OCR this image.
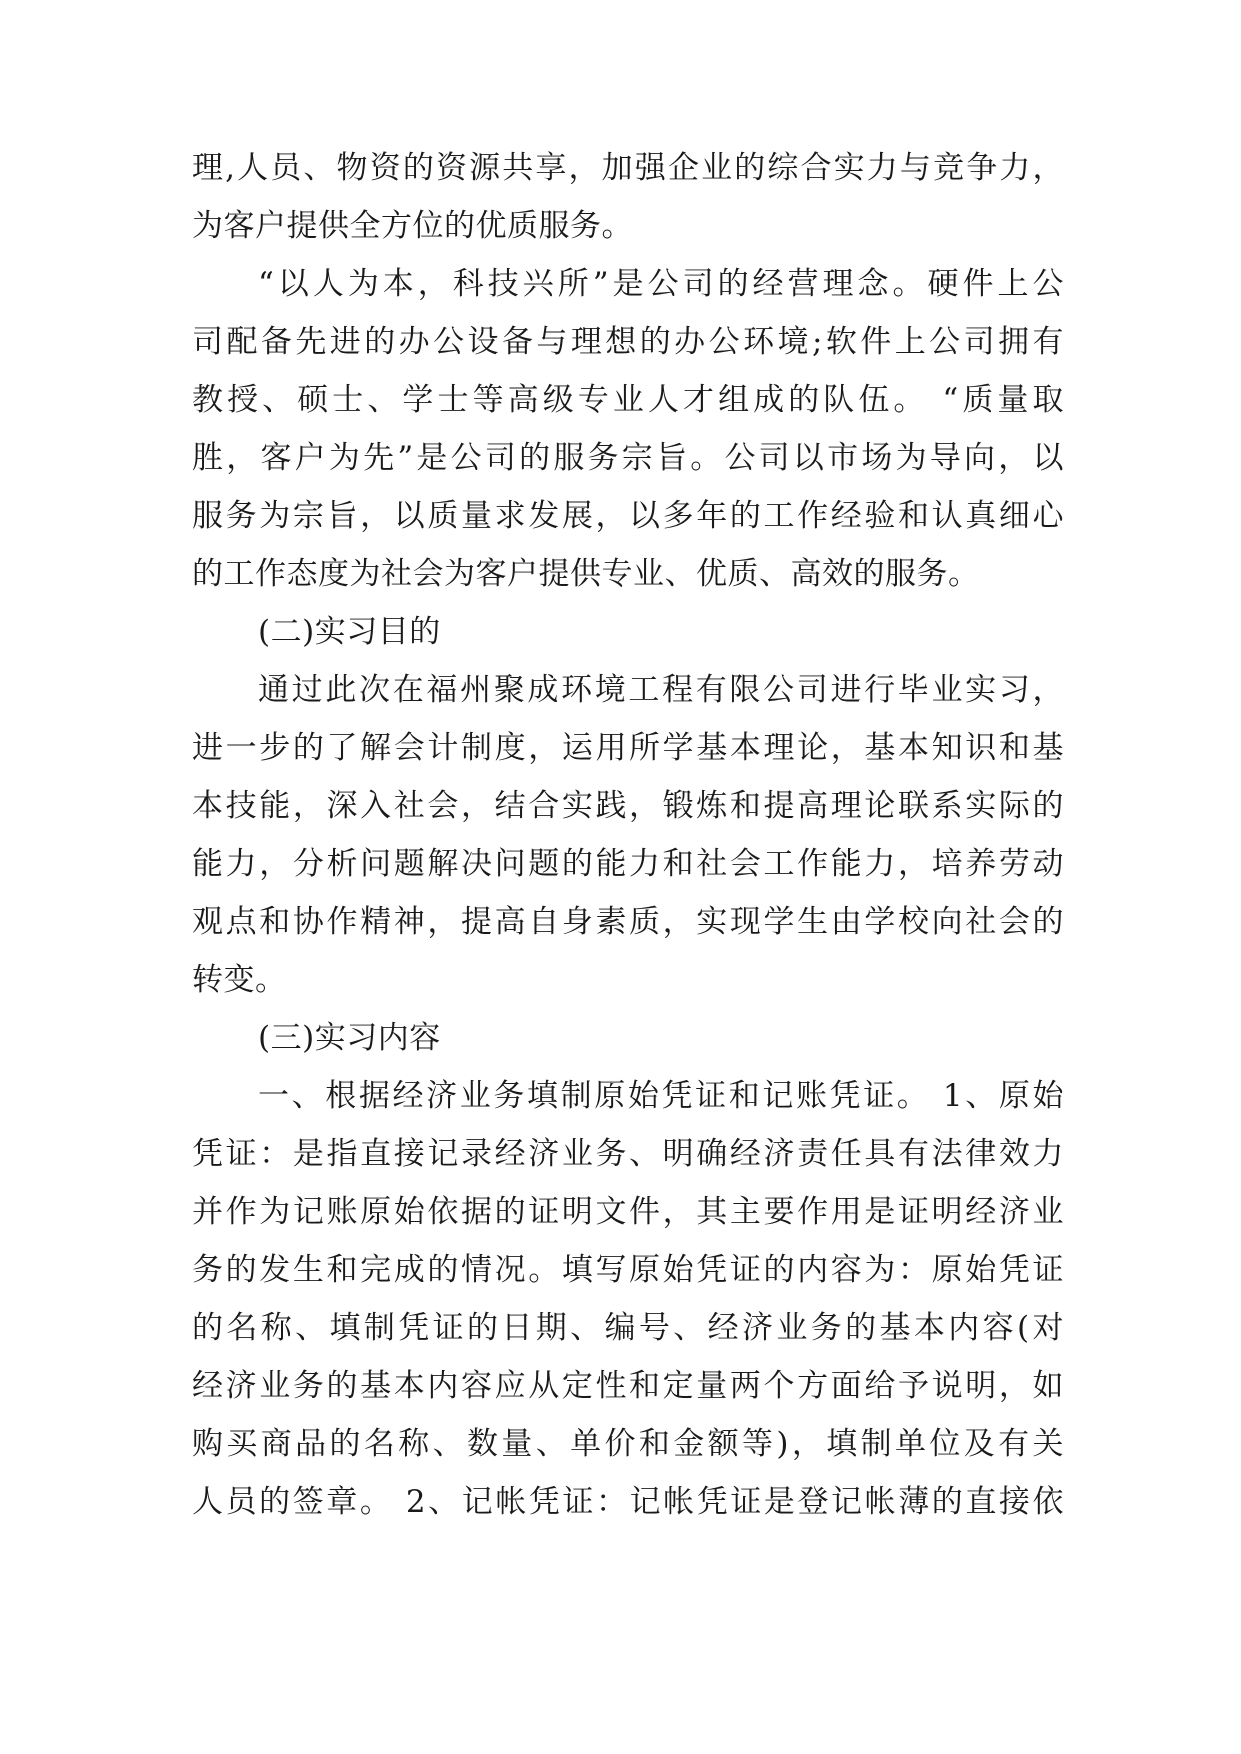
理,人员、物资的资源共享，加强企业的综合实力与竞争力，
为客户提供全方位的优质服务。
“以人为本，科技兴所”是公司的经营理念。硬件上公
司配备先进的办公设备与理想的办公环境;软件上公司拥有
教授、硕士、学士等高级专业人才组成的队伍。 “质量取
胜，客户为先”是公司的服务宗旨。公司以市场为导向，以
服务为宗旨，以质量求发展，以多年的工作经验和认真细心
的工作态度为社会为客户提供专业、优质、高效的服务。
(二)实习目的
通过此次在福州聚成环境工程有限公司进行毕业实习，
进一步的了解会计制度，运用所学基本理论，基本知识和基
本技能，深入社会，结合实践，锻炼和提高理论联系实际的
能力，分析问题解决问题的能力和社会工作能力，培养劳动
观点和协作精神，提高自身素质，实现学生由学校向社会的
转变。
(三)实习内容
一、根据经济业务填制原始凭证和记账凭证。 1、原始
凭证：是指直接记录经济业务、明确经济责任具有法律效力
并作为记账原始依据的证明文件，其主要作用是证明经济业
务的发生和完成的情况。填写原始凭证的内容为：原始凭证
的名称、填制凭证的日期、编号、经济业务的基本内容(对
经济业务的基本内容应从定性和定量两个方面给予说明，如
购买商品的名称、数量、单价和金额等)，填制单位及有关
人员的签章。 2、记帐凭证：记帐凭证是登记帐薄的直接依
